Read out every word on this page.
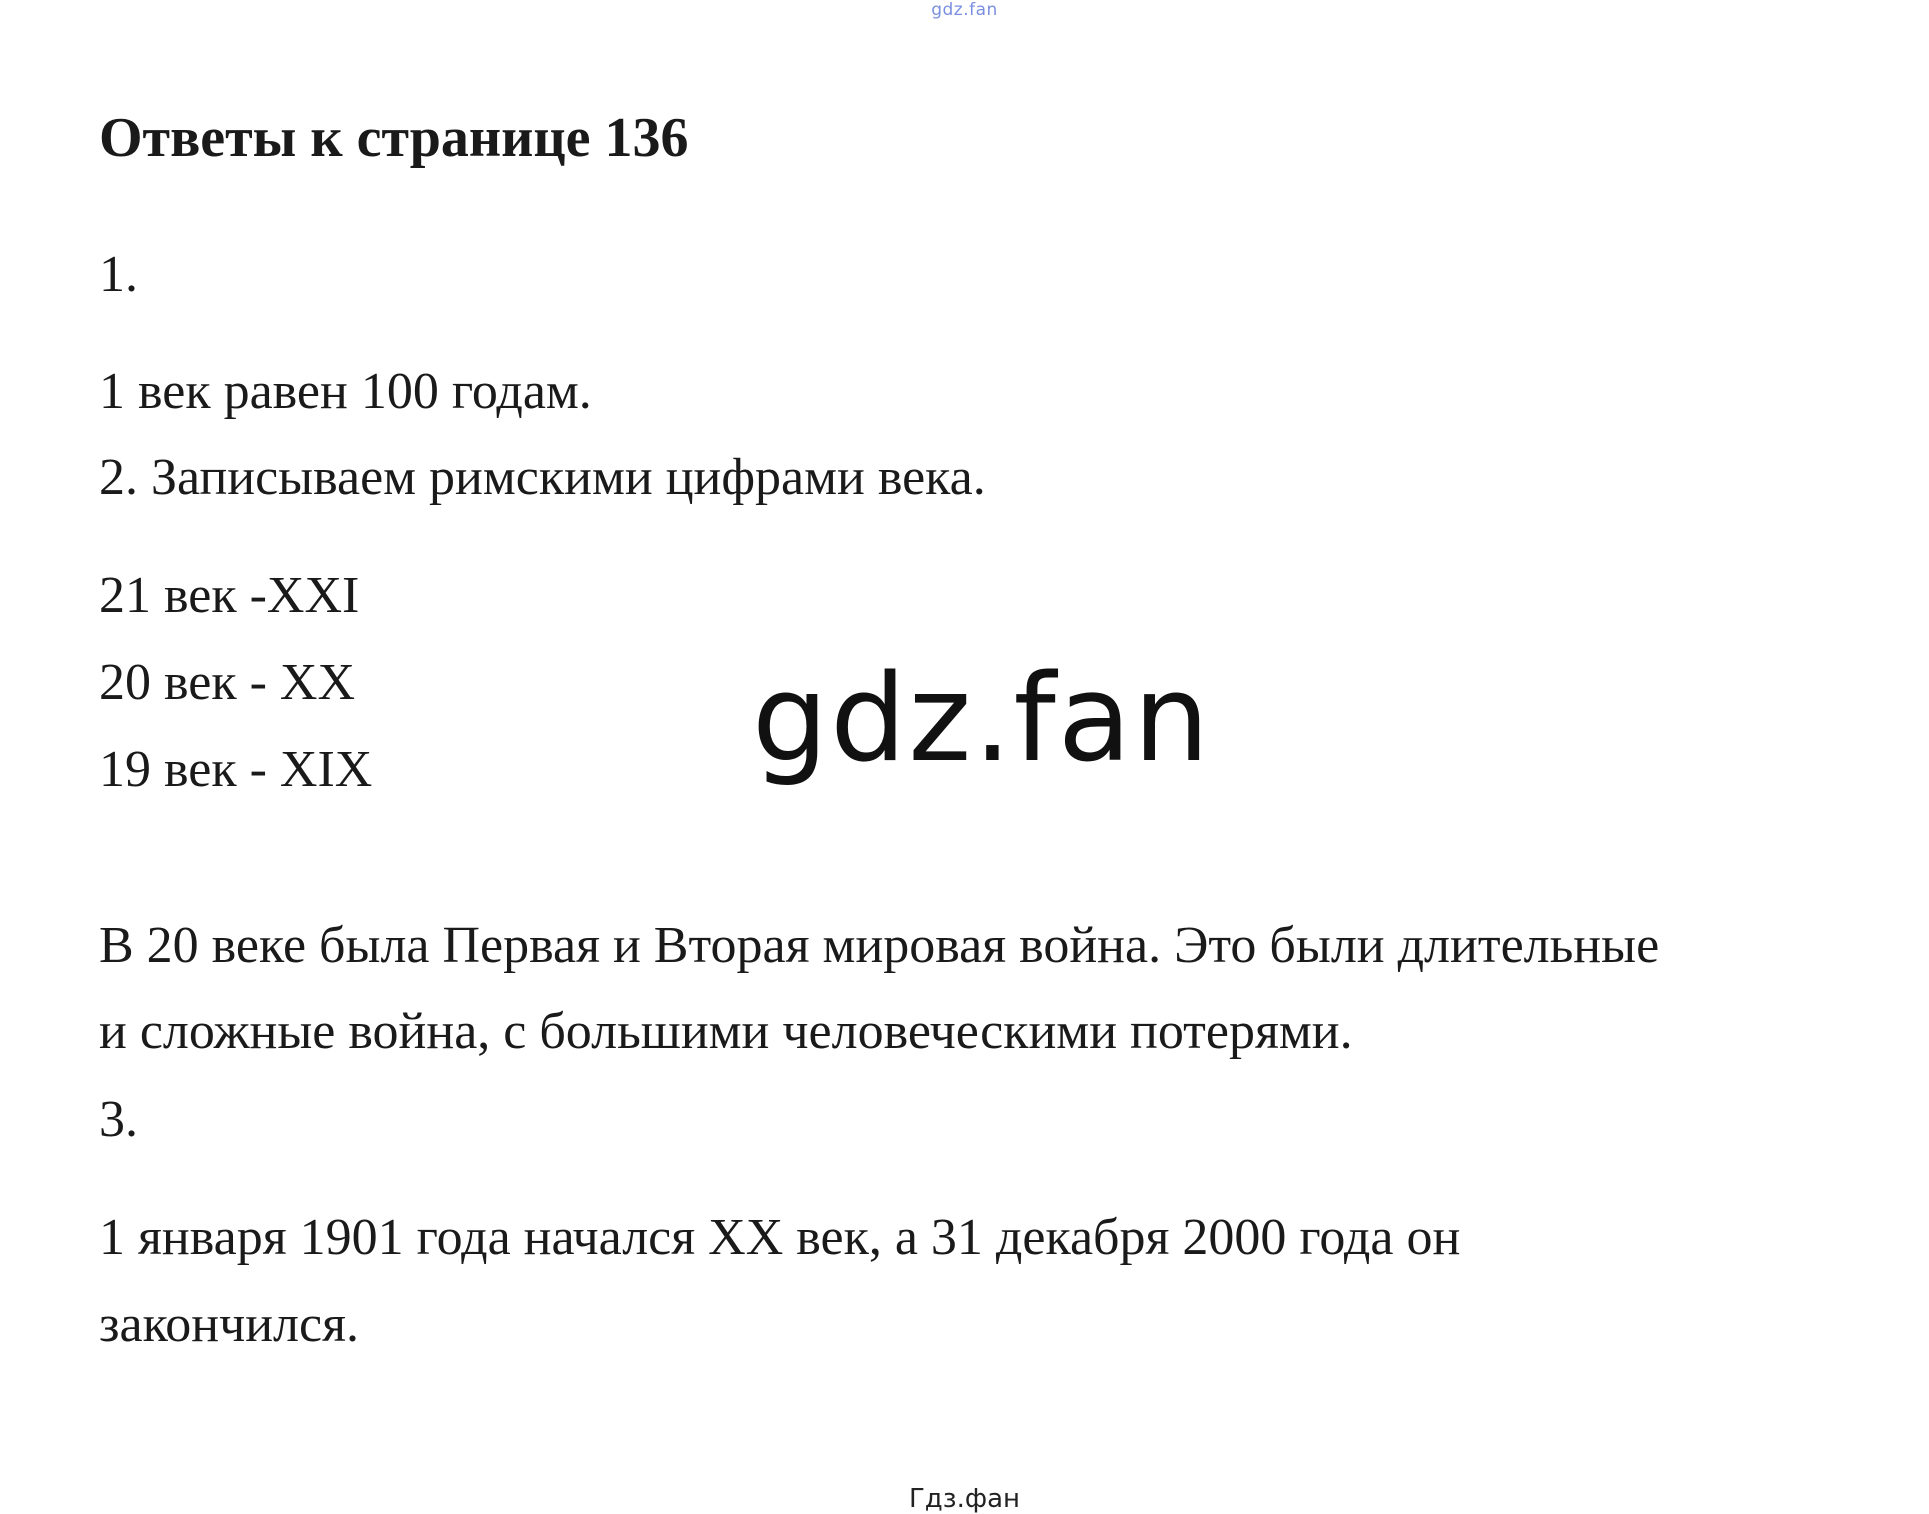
gdz.fan
Ответы к странице 136
1.
1 век равен 100 годам.
2. Записываем римскими цифрами века.
21 век -XXI
20 век - XX
19 век - XIX	gdz.fan
В 20 веке была Первая и Вторая мировая война. Это были длительные
и сложные война, с большими человеческими потерями.
3.
1 января 1901 года начался XX век, а 31 декабря 2000 года он
закончился.
Гдз.фан
